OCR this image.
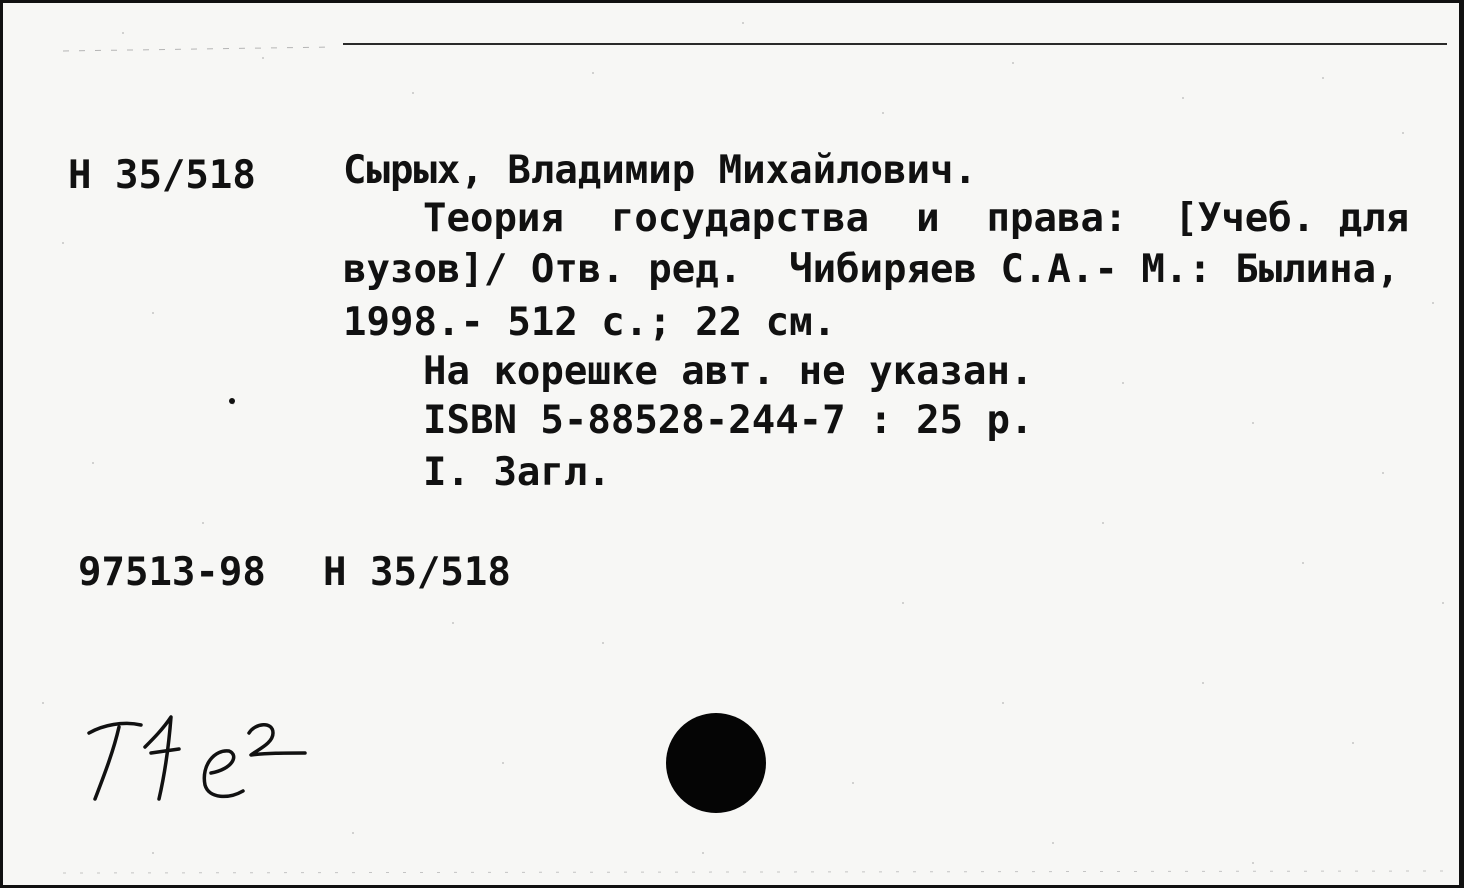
Н 35/518 Сырых, Владимир Михайлович.
Теория  государства  и  права:  [Учеб. для
вузов]/ Отв. ред.  Чибиряев С.А.- М.: Былина,
1998.- 512 с.; 22 см.
На корешке авт. не указан.
ISBN 5-88528-244-7 : 25 р.
I. Загл.
97513-98 Н 35/518
